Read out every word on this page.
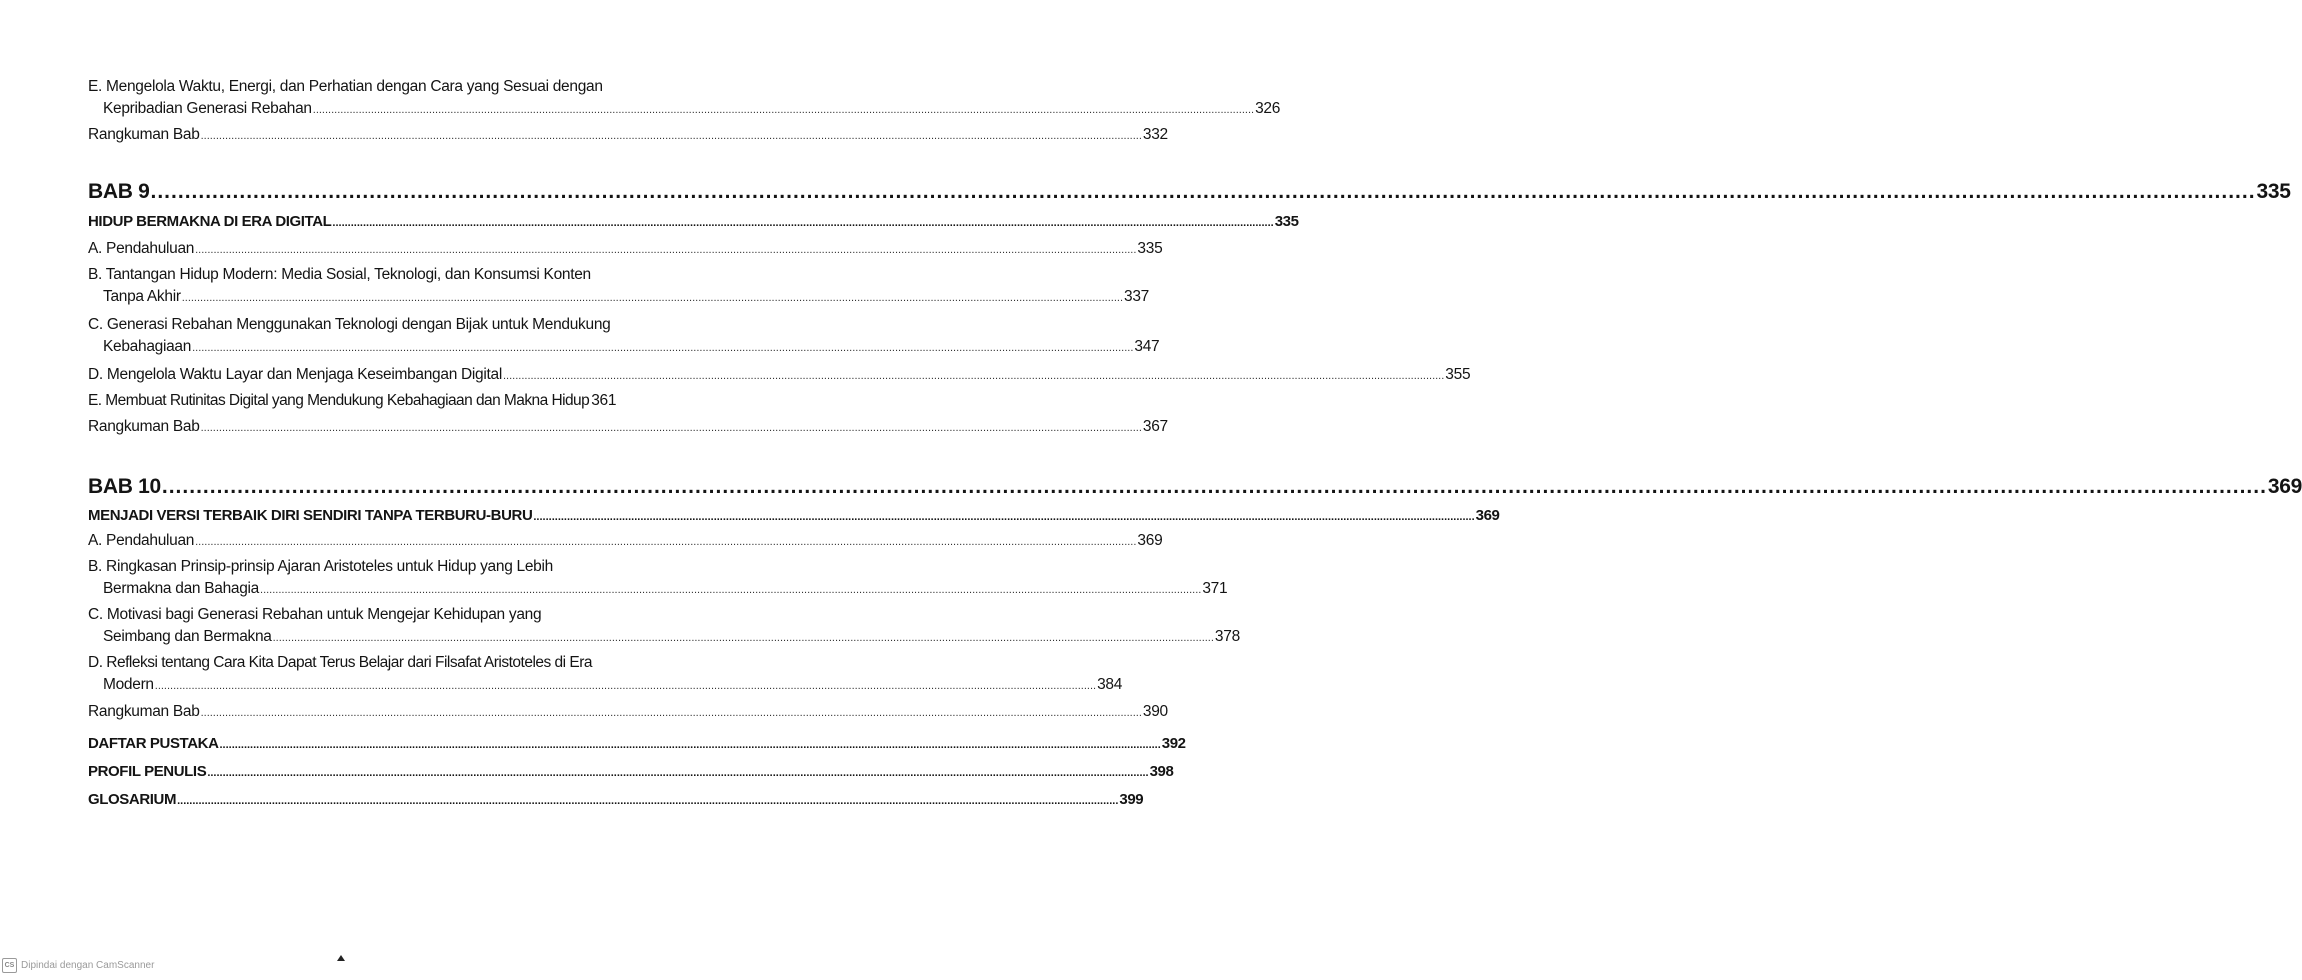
E. Mengelola Waktu, Energi, dan Perhatian dengan Cara yang Sesuai dengan
Kepribadian Generasi Rebahan .....	326
Rangkuman Bab .....	332
BAB 9 .....	335
HIDUP BERMAKNA DI ERA DIGITAL .....	335
A. Pendahuluan .....	335
B. Tantangan Hidup Modern: Media Sosial, Teknologi, dan Konsumsi Konten
Tanpa Akhir .....	337
C. Generasi Rebahan Menggunakan Teknologi dengan Bijak untuk Mendukung
Kebahagiaan .....	347
D. Mengelola Waktu Layar dan Menjaga Keseimbangan Digital .....	355
E. Membuat Rutinitas Digital yang Mendukung Kebahagiaan dan Makna Hidup 361
Rangkuman Bab .....	367
BAB 10 .....	369
MENJADI VERSI TERBAIK DIRI SENDIRI TANPA TERBURU-BURU .....	369
A. Pendahuluan .....	369
B. Ringkasan Prinsip-prinsip Ajaran Aristoteles untuk Hidup yang Lebih
Bermakna dan Bahagia .....	371
C. Motivasi bagi Generasi Rebahan untuk Mengejar Kehidupan yang
Seimbang dan Bermakna .....	378
D. Refleksi tentang Cara Kita Dapat Terus Belajar dari Filsafat Aristoteles di Era
Modern .....	384
Rangkuman Bab .....	390
DAFTAR PUSTAKA .....	392
PROFIL PENULIS .....	398
GLOSARIUM .....	399
CS Dipindai dengan CamScanner
